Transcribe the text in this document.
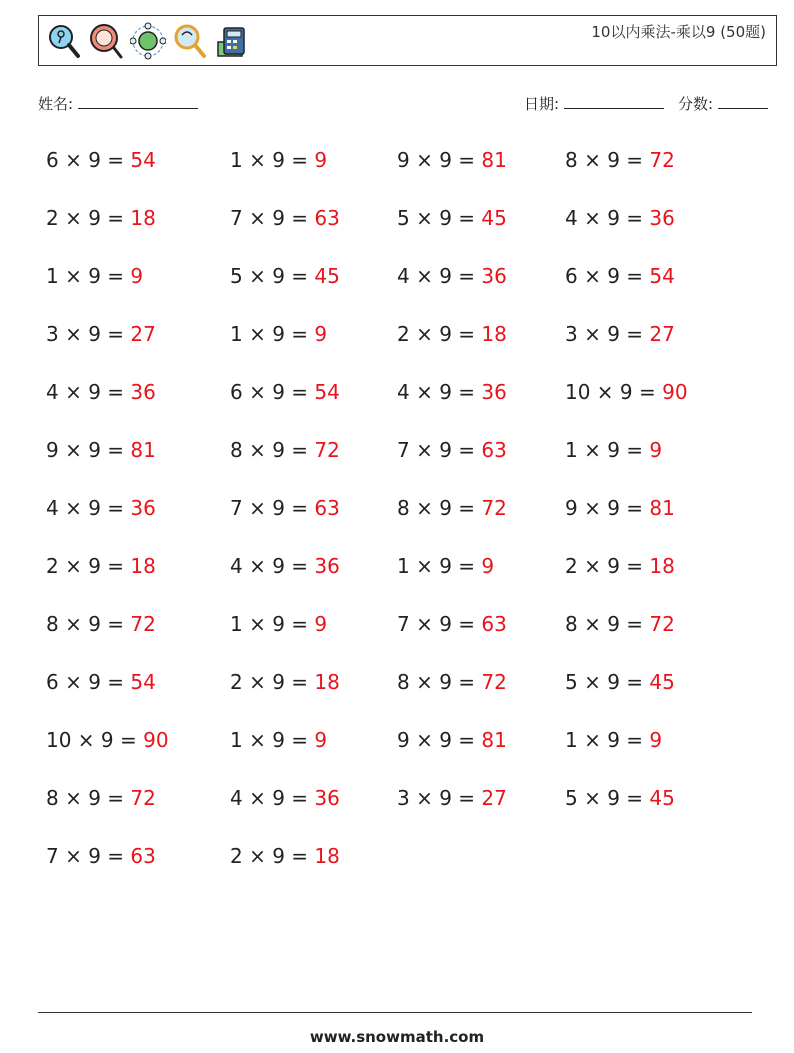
10以内乘法-乘以9 (50题)
姓名:	日期:	分数:
6 × 9 = 54
2 × 9 = 18
1 × 9 = 9
3 × 9 = 27
4 × 9 = 36
9 × 9 = 81
4 × 9 = 36
2 × 9 = 18
8 × 9 = 72
6 × 9 = 54
10 × 9 = 90
8 × 9 = 72
7 × 9 = 63
1 × 9 = 9
7 × 9 = 63
5 × 9 = 45
1 × 9 = 9
6 × 9 = 54
8 × 9 = 72
7 × 9 = 63
4 × 9 = 36
1 × 9 = 9
2 × 9 = 18
1 × 9 = 9
4 × 9 = 36
2 × 9 = 18
9 × 9 = 81
5 × 9 = 45
4 × 9 = 36
2 × 9 = 18
4 × 9 = 36
7 × 9 = 63
8 × 9 = 72
1 × 9 = 9
7 × 9 = 63
8 × 9 = 72
9 × 9 = 81
3 × 9 = 27
8 × 9 = 72
4 × 9 = 36
6 × 9 = 54
3 × 9 = 27
10 × 9 = 90
1 × 9 = 9
9 × 9 = 81
2 × 9 = 18
8 × 9 = 72
5 × 9 = 45
1 × 9 = 9
5 × 9 = 45
www.snowmath.com
